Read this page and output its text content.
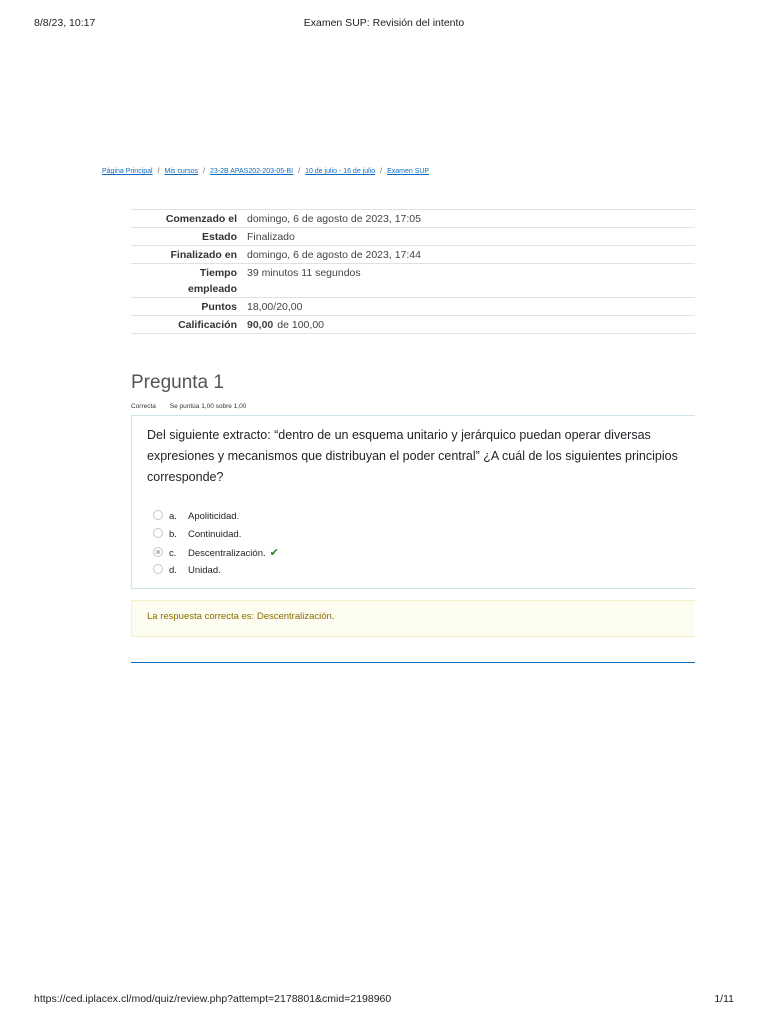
8/8/23, 10:17	Examen SUP: Revisión del intento
Página Principal / Mis cursos / 23-2B APAS202-203-05-BI / 10 de julio - 16 de julio / Examen SUP
Comenzado el	domingo, 6 de agosto de 2023, 17:05
Estado	Finalizado
Finalizado en	domingo, 6 de agosto de 2023, 17:44
Tiempo
empleado	39 minutos 11 segundos
Puntos	18,00/20,00
Calificación	90,00 de 100,00
Pregunta 1
Correcta Se puntúa 1,00 sobre 1,00
Del siguiente extracto: “dentro de un esquema unitario y jerárquico puedan operar diversas expresiones y mecanismos que distribuyan el poder central” ¿A cuál de los siguientes principios corresponde?
a. Apoliticidad.
b. Continuidad.
c. Descentralización. ✔
d. Unidad.
La respuesta correcta es: Descentralización.
https://ced.iplacex.cl/mod/quiz/review.php?attempt=2178801&cmid=2198960	1/11
